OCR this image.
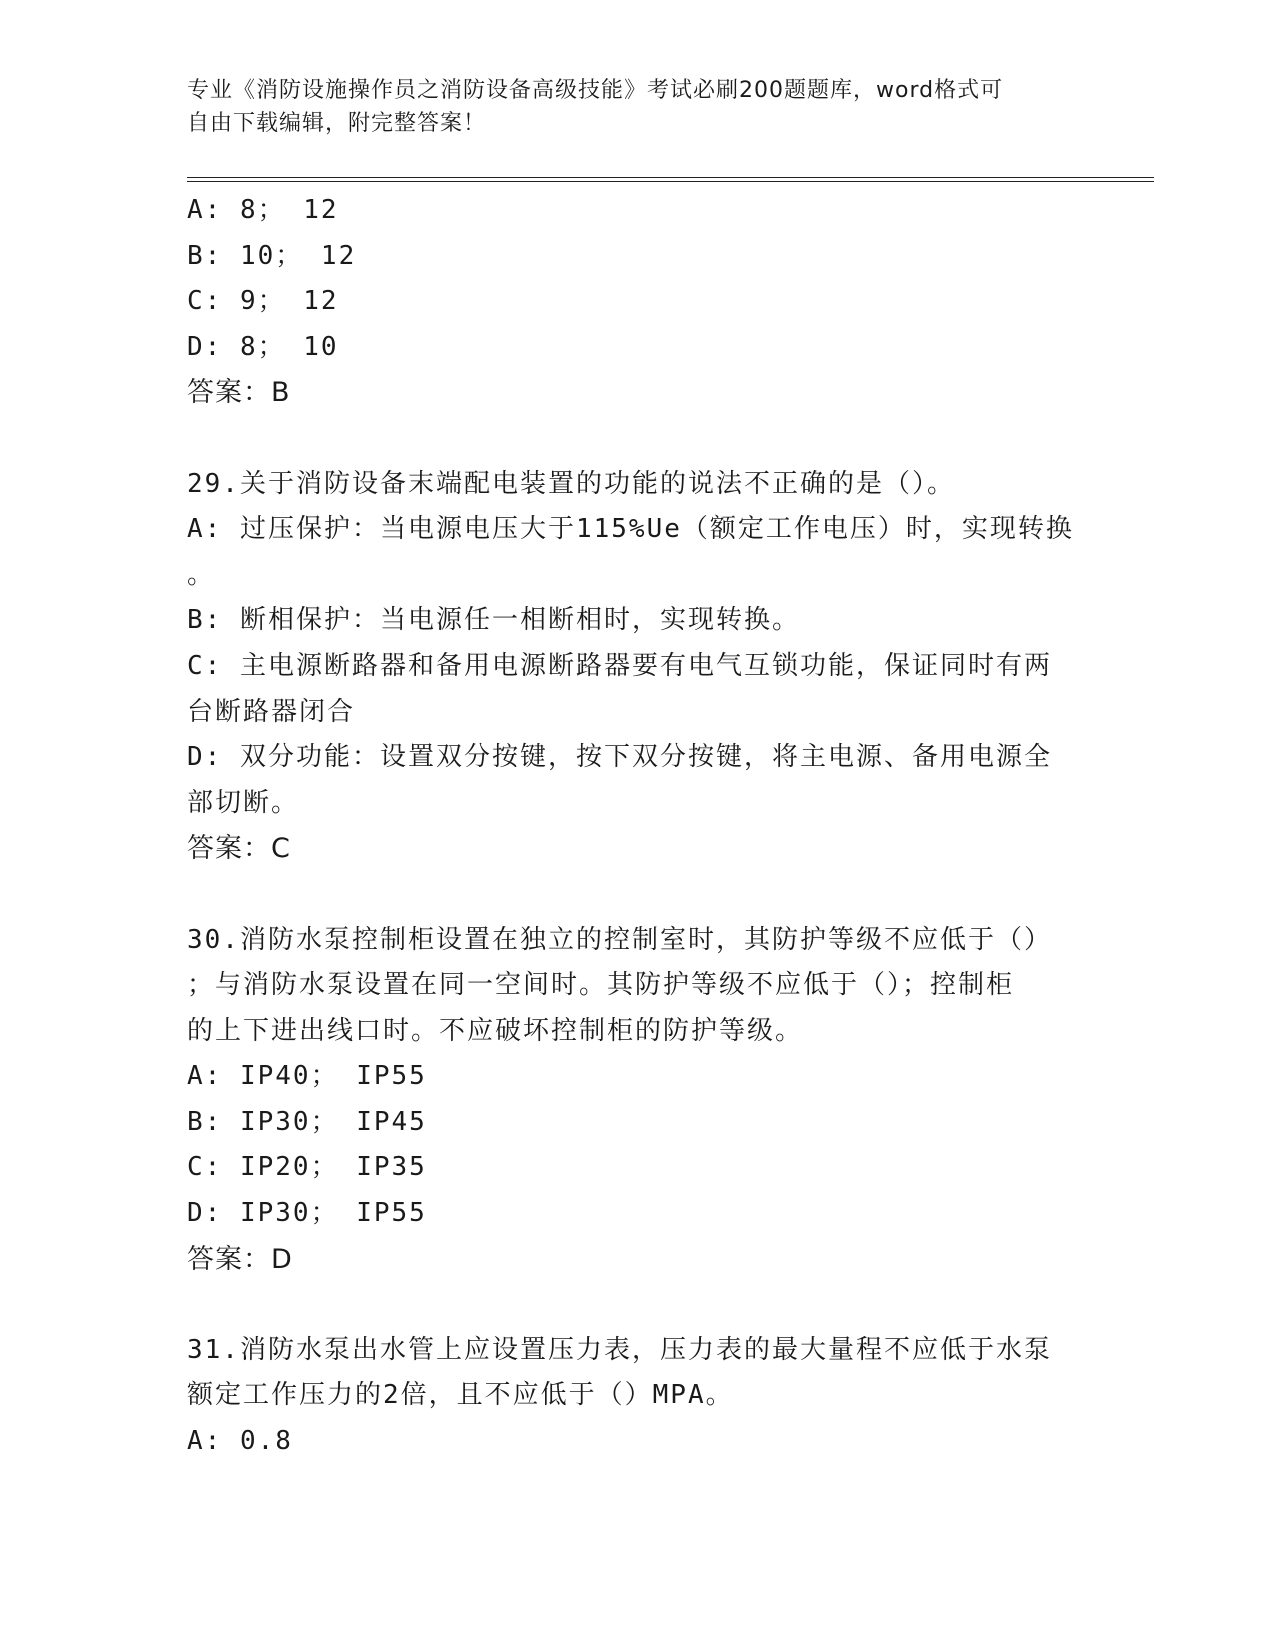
专业《消防设施操作员之消防设备高级技能》考试必刷200题题库，word格式可
自由下载编辑，附完整答案！

A: 8； 12

B: 10； 12

C: 9； 12

D: 8； 10

答案：B

29.关于消防设备末端配电装置的功能的说法不正确的是（）。

A: 过压保护：当电源电压大于115%Ue（额定工作电压）时，实现转换

。

B: 断相保护：当电源任一相断相时，实现转换。

C: 主电源断路器和备用电源断路器要有电气互锁功能，保证同时有两

台断路器闭合

D: 双分功能：设置双分按键，按下双分按键，将主电源、备用电源全

部切断。

答案：C

30.消防水泵控制柜设置在独立的控制室时，其防护等级不应低于（）

；与消防水泵设置在同一空间时。其防护等级不应低于（）；控制柜

的上下进出线口时。不应破坏控制柜的防护等级。

A: IP40； IP55

B: IP30； IP45

C: IP20； IP35

D: IP30； IP55

答案：D

31.消防水泵出水管上应设置压力表，压力表的最大量程不应低于水泵

额定工作压力的2倍，且不应低于（）MPA。

A: 0.8
